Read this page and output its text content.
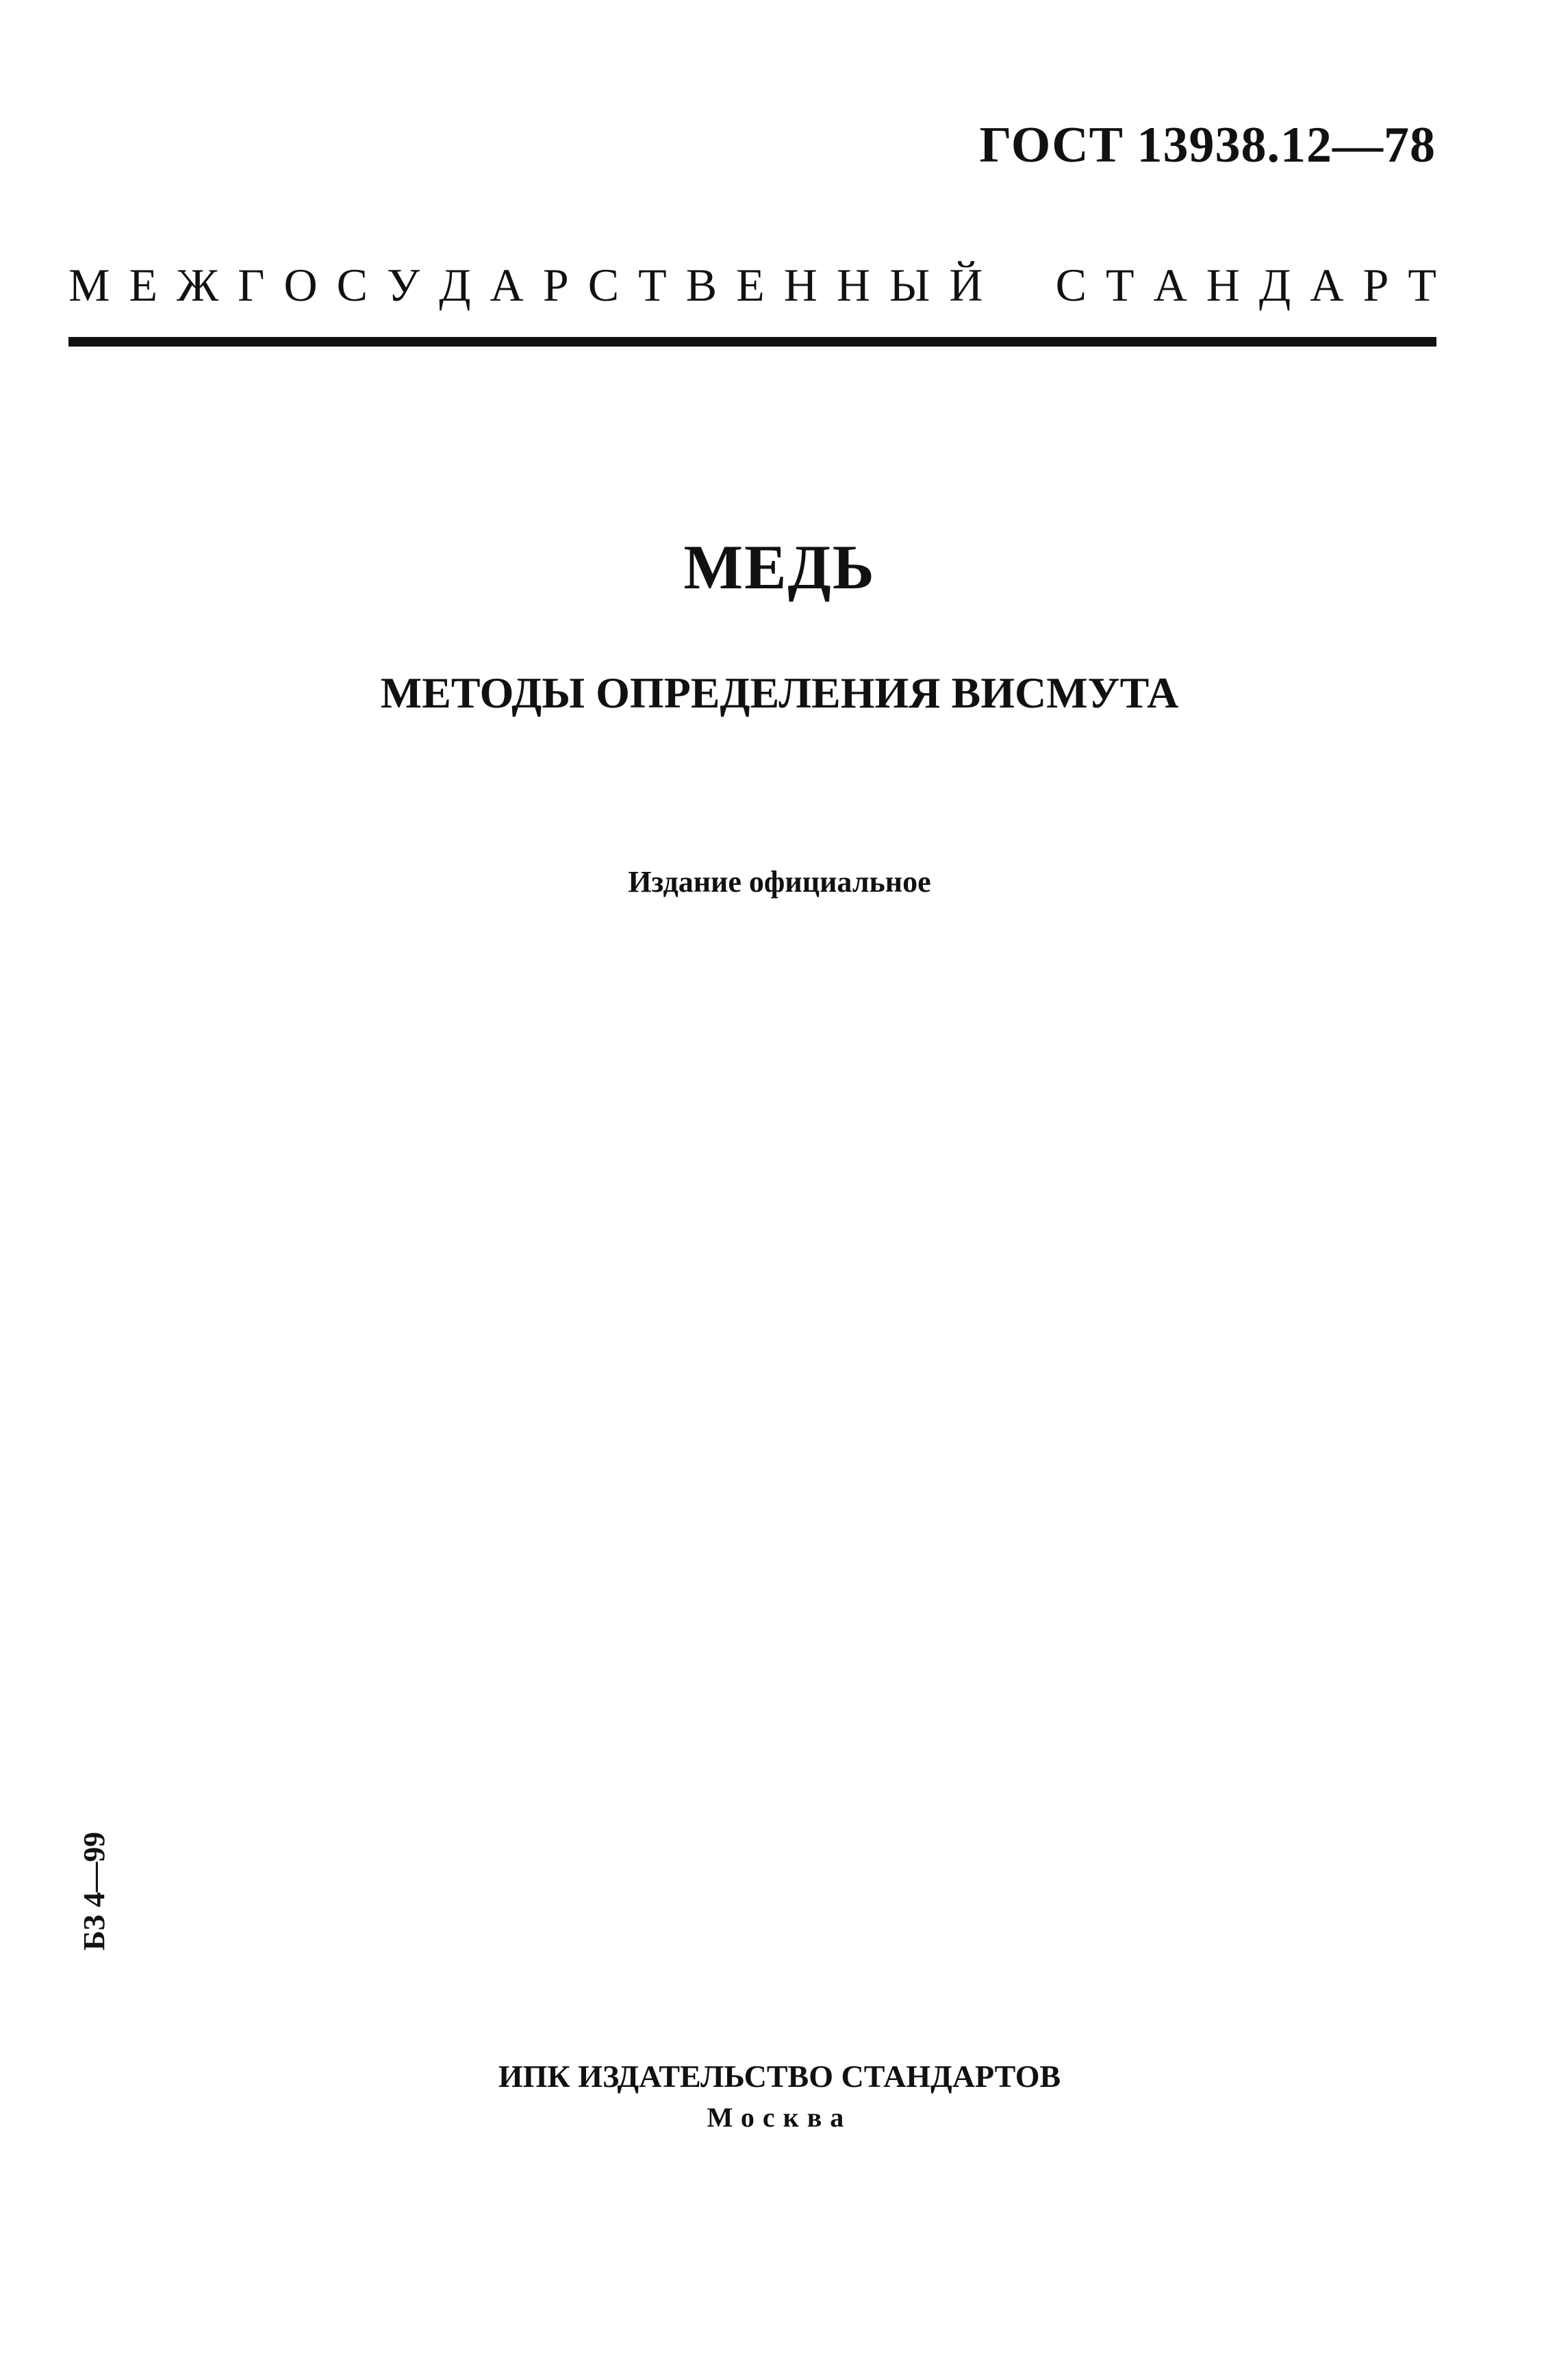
ГОСТ 13938.12—78
М Е Ж Г О С У Д А Р С Т В Е Н Н Ы Й С Т А Н Д А Р Т
МЕДЬ
МЕТОДЫ ОПРЕДЕЛЕНИЯ ВИСМУТА
Издание официальное
БЗ 4—99
ИПК ИЗДАТЕЛЬСТВО СТАНДАРТОВ
Москва
